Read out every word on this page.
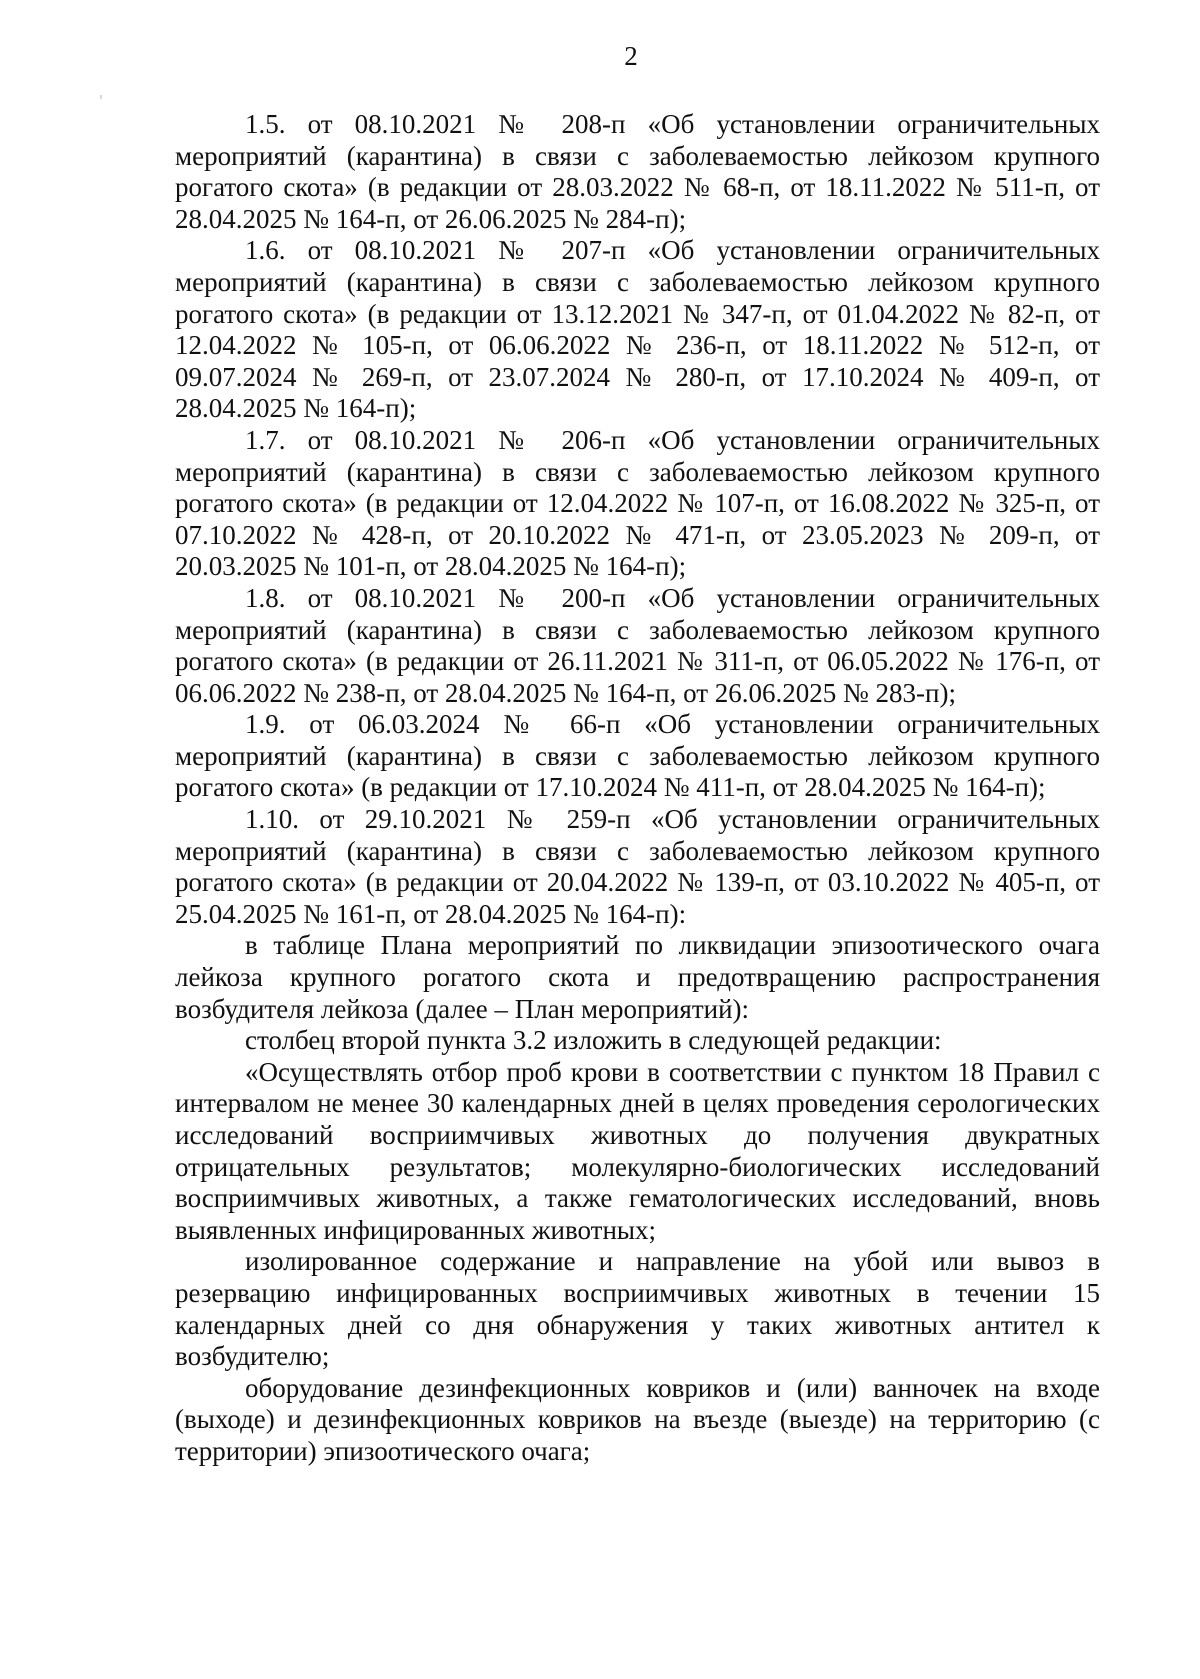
2

1.5. от 08.10.2021 № 208-п «Об установлении ограничительных мероприятий (карантина) в связи с заболеваемостью лейкозом крупного рогатого скота» (в редакции от 28.03.2022 № 68-п, от 18.11.2022 № 511-п, от 28.04.2025 № 164-п, от 26.06.2025 № 284-п);

1.6. от 08.10.2021 № 207-п «Об установлении ограничительных мероприятий (карантина) в связи с заболеваемостью лейкозом крупного рогатого скота» (в редакции от 13.12.2021 № 347-п, от 01.04.2022 № 82-п, от 12.04.2022 № 105-п, от 06.06.2022 № 236-п, от 18.11.2022 № 512-п, от 09.07.2024 № 269-п, от 23.07.2024 № 280-п, от 17.10.2024 № 409-п, от 28.04.2025 № 164-п);

1.7. от 08.10.2021 № 206-п «Об установлении ограничительных мероприятий (карантина) в связи с заболеваемостью лейкозом крупного рогатого скота» (в редакции от 12.04.2022 № 107-п, от 16.08.2022 № 325-п, от 07.10.2022 № 428-п, от 20.10.2022 № 471-п, от 23.05.2023 № 209-п, от 20.03.2025 № 101-п, от 28.04.2025 № 164-п);

1.8. от 08.10.2021 № 200-п «Об установлении ограничительных мероприятий (карантина) в связи с заболеваемостью лейкозом крупного рогатого скота» (в редакции от 26.11.2021 № 311-п, от 06.05.2022 № 176-п, от 06.06.2022 № 238-п, от 28.04.2025 № 164-п, от 26.06.2025 № 283-п);

1.9. от 06.03.2024 № 66-п «Об установлении ограничительных мероприятий (карантина) в связи с заболеваемостью лейкозом крупного рогатого скота» (в редакции от 17.10.2024 № 411-п, от 28.04.2025 № 164-п);

1.10. от 29.10.2021 № 259-п «Об установлении ограничительных мероприятий (карантина) в связи с заболеваемостью лейкозом крупного рогатого скота» (в редакции от 20.04.2022 № 139-п, от 03.10.2022 № 405-п, от 25.04.2025 № 161-п, от 28.04.2025 № 164-п):

в таблице Плана мероприятий по ликвидации эпизоотического очага лейкоза крупного рогатого скота и предотвращению распространения возбудителя лейкоза (далее – План мероприятий):

столбец второй пункта 3.2 изложить в следующей редакции:

«Осуществлять отбор проб крови в соответствии с пунктом 18 Правил с интервалом не менее 30 календарных дней в целях проведения серологических исследований восприимчивых животных до получения двукратных отрицательных результатов; молекулярно-биологических исследований восприимчивых животных, а также гематологических исследований, вновь выявленных инфицированных животных;

изолированное содержание и направление на убой или вывоз в резервацию инфицированных восприимчивых животных в течении 15 календарных дней со дня обнаружения у таких животных антител к возбудителю;

оборудование дезинфекционных ковриков и (или) ванночек на входе (выходе) и дезинфекционных ковриков на въезде (выезде) на территорию (с территории) эпизоотического очага;
